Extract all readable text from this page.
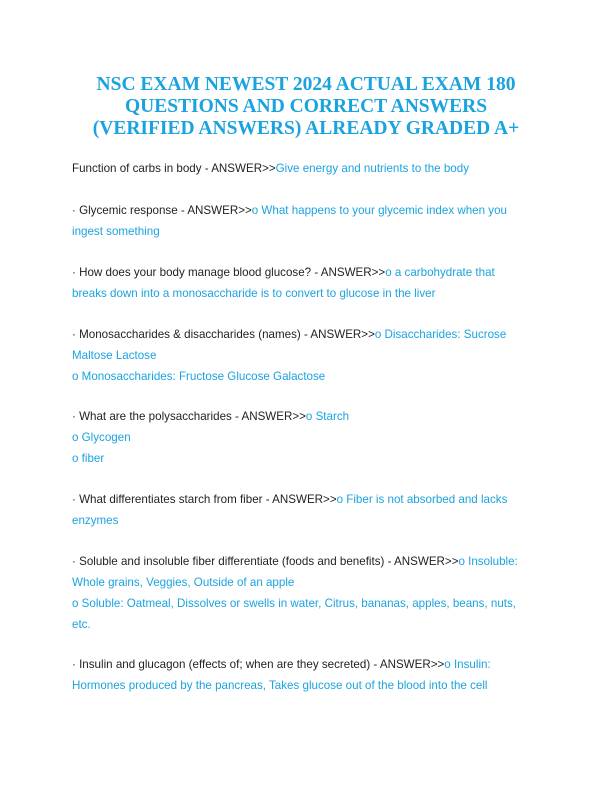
NSC EXAM NEWEST 2024 ACTUAL EXAM 180
QUESTIONS AND CORRECT ANSWERS
(VERIFIED ANSWERS) ALREADY GRADED A+
Function of carbs in body - ANSWER>>Give energy and nutrients to the body
· Glycemic response - ANSWER>>o What happens to your glycemic index when you
ingest something
· How does your body manage blood glucose? - ANSWER>>o a carbohydrate that
breaks down into a monosaccharide is to convert to glucose in the liver
· Monosaccharides & disaccharides (names) - ANSWER>>o Disaccharides: Sucrose
Maltose Lactose
o Monosaccharides: Fructose Glucose Galactose
· What are the polysaccharides - ANSWER>>o Starch
o Glycogen
o fiber
· What differentiates starch from fiber - ANSWER>>o Fiber is not absorbed and lacks
enzymes
· Soluble and insoluble fiber differentiate (foods and benefits) - ANSWER>>o Insoluble:
Whole grains, Veggies, Outside of an apple
o Soluble: Oatmeal, Dissolves or swells in water, Citrus, bananas, apples, beans, nuts,
etc.
· Insulin and glucagon (effects of; when are they secreted) - ANSWER>>o Insulin:
Hormones produced by the pancreas, Takes glucose out of the blood into the cell
